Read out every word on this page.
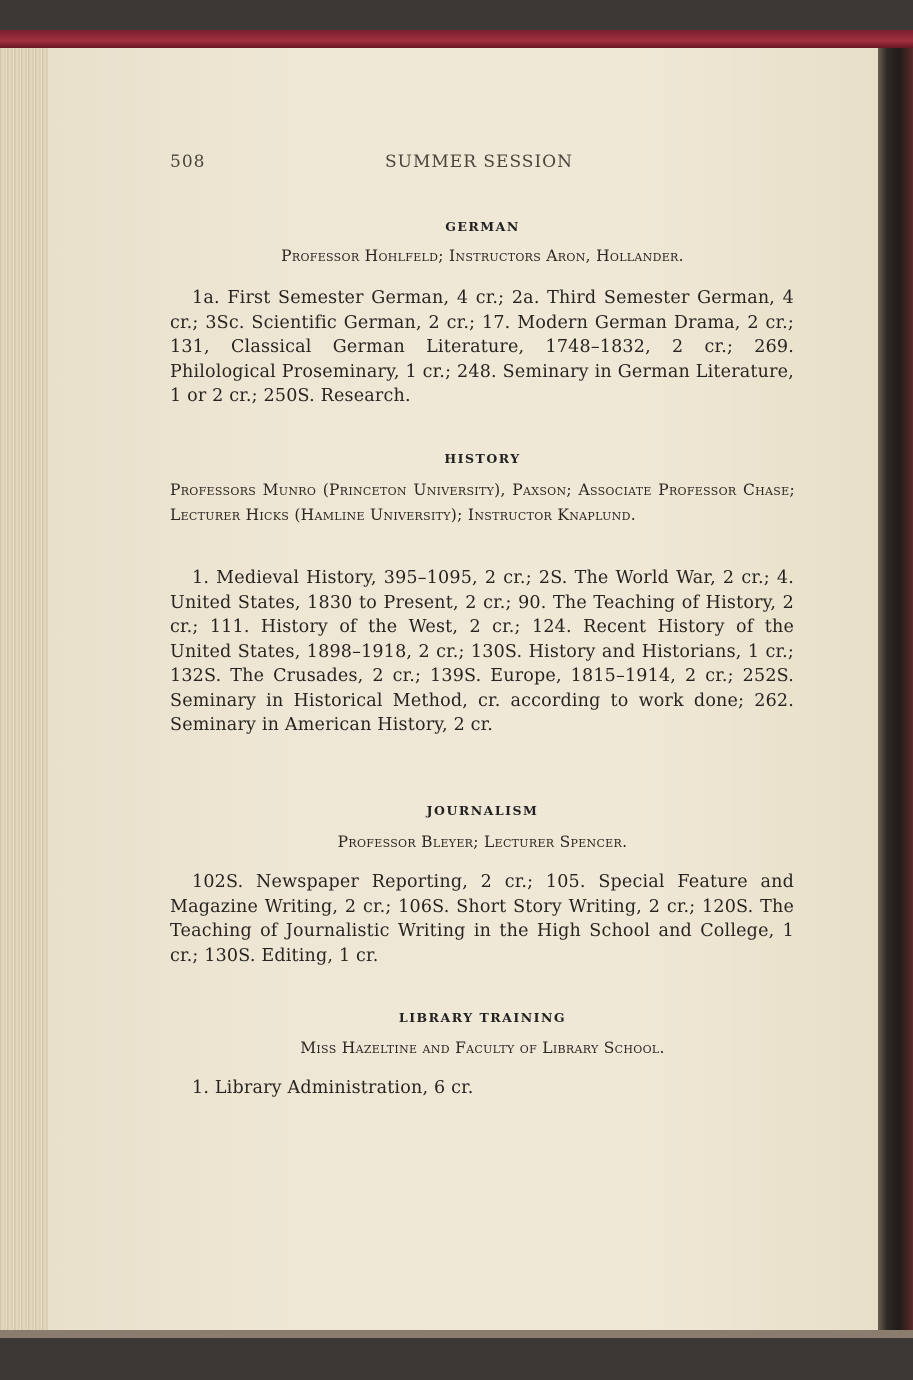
508	SUMMER SESSION
GERMAN
Professor Hohlfeld; Instructors Aron, Hollander.
1a. First Semester German, 4 cr.; 2a. Third Semester German, 4 cr.; 3Sc. Scientific German, 2 cr.; 17. Modern German Drama, 2 cr.; 131, Classical German Literature, 1748–1832, 2 cr.; 269. Philological Proseminary, 1 cr.; 248. Seminary in German Literature, 1 or 2 cr.; 250S. Research.
HISTORY
Professors Munro (Princeton University), Paxson; Associate Professor Chase; Lecturer Hicks (Hamline University); Instructor Knaplund.
1. Medieval History, 395–1095, 2 cr.; 2S. The World War, 2 cr.; 4. United States, 1830 to Present, 2 cr.; 90. The Teaching of History, 2 cr.; 111. History of the West, 2 cr.; 124. Recent History of the United States, 1898–1918, 2 cr.; 130S. History and Historians, 1 cr.; 132S. The Crusades, 2 cr.; 139S. Europe, 1815–1914, 2 cr.; 252S. Seminary in Historical Method, cr. according to work done; 262. Seminary in American History, 2 cr.
JOURNALISM
Professor Bleyer; Lecturer Spencer.
102S. Newspaper Reporting, 2 cr.; 105. Special Feature and Magazine Writing, 2 cr.; 106S. Short Story Writing, 2 cr.; 120S. The Teaching of Journalistic Writing in the High School and College, 1 cr.; 130S. Editing, 1 cr.
LIBRARY TRAINING
Miss Hazeltine and Faculty of Library School.
1. Library Administration, 6 cr.
